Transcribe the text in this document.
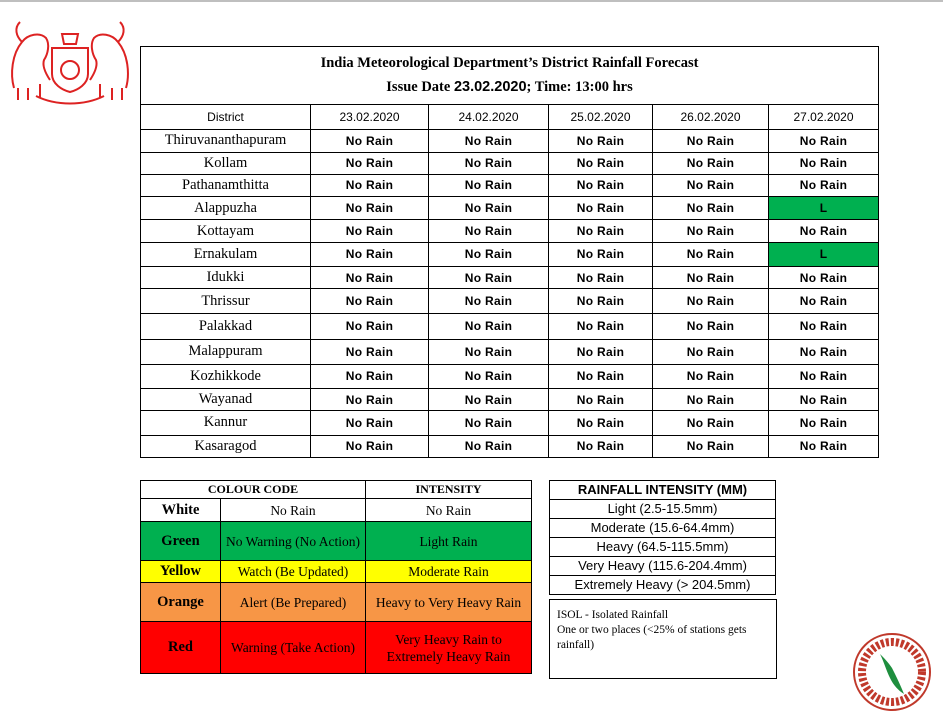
India Meteorological Department’s District Rainfall Forecast
Issue Date 23.02.2020; Time: 13:00 hrs					

District	23.02.2020	24.02.2020	25.02.2020	26.02.2020	27.02.2020
Thiruvananthapuram	No Rain	No Rain	No Rain	No Rain	No Rain
Kollam	No Rain	No Rain	No Rain	No Rain	No Rain
Pathanamthitta	No Rain	No Rain	No Rain	No Rain	No Rain
Alappuzha	No Rain	No Rain	No Rain	No Rain	L
Kottayam	No Rain	No Rain	No Rain	No Rain	No Rain
Ernakulam	No Rain	No Rain	No Rain	No Rain	L
Idukki	No Rain	No Rain	No Rain	No Rain	No Rain
Thrissur	No Rain	No Rain	No Rain	No Rain	No Rain
Palakkad	No Rain	No Rain	No Rain	No Rain	No Rain
Malappuram	No Rain	No Rain	No Rain	No Rain	No Rain
Kozhikkode	No Rain	No Rain	No Rain	No Rain	No Rain
Wayanad	No Rain	No Rain	No Rain	No Rain	No Rain
Kannur	No Rain	No Rain	No Rain	No Rain	No Rain
Kasaragod	No Rain	No Rain	No Rain	No Rain	No Rain
COLOUR CODE		INTENSITY
White	No Rain	No Rain
Green	No Warning (No Action)	Light Rain
Yellow	Watch (Be Updated)	Moderate Rain
Orange	Alert (Be Prepared)	Heavy to Very Heavy Rain
Red	Warning (Take Action)	Very Heavy Rain to Extremely Heavy Rain
RAINFALL INTENSITY (MM)
Light (2.5-15.5mm)
Moderate (15.6-64.4mm)
Heavy (64.5-115.5mm)
Very Heavy (115.6-204.4mm)
Extremely Heavy (> 204.5mm)
ISOL - Isolated Rainfall
One or two places (<25% of stations gets rainfall)
